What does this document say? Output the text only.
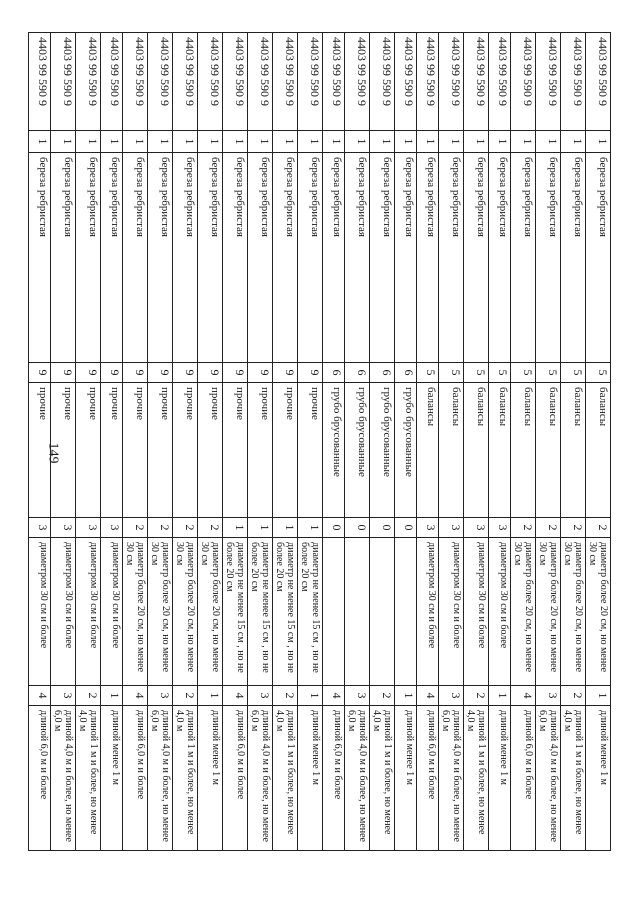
149
4403 99 590 9	1	береза ребристая	5	балансы	2	диаметр более 20 см, но менее 30 см	1	длиной менее 1 м
4403 99 590 9	1	береза ребристая	5	балансы	2	диаметр более 20 см, но менее 30 см	2	длиной 1 м и более, но менее 4,0 м
4403 99 590 9	1	береза ребристая	5	балансы	2	диаметр более 20 см, но менее 30 см	3	длиной 4,0 м и более, но менее 6,0 м
4403 99 590 9	1	береза ребристая	5	балансы	2	диаметр более 20 см, но менее 30 см	4	длиной 6,0 м и более
4403 99 590 9	1	береза ребристая	5	балансы	3	диаметром 30 см и более	1	длиной менее 1 м
4403 99 590 9	1	береза ребристая	5	балансы	3	диаметром 30 см и более	2	длиной 1 м и более, но менее 4,0 м
4403 99 590 9	1	береза ребристая	5	балансы	3	диаметром 30 см и более	3	длиной 4,0 м и более, но менее 6,0 м
4403 99 590 9	1	береза ребристая	5	балансы	3	диаметром 30 см и более	4	длиной 6,0 м и более
4403 99 590 9	1	береза ребристая	6	грубо брусованные	0		1	длиной менее 1 м
4403 99 590 9	1	береза ребристая	6	грубо брусованные	0		2	длиной 1 м и более, но менее 4,0 м
4403 99 590 9	1	береза ребристая	6	грубо брусованные	0		3	длиной 4,0 м и более, но менее 6,0 м
4403 99 590 9	1	береза ребристая	6	грубо брусованные	0		4	длиной 6,0 м и более
4403 99 590 9	1	береза ребристая	9	прочие	1	диаметр не менее 15 см , но не более 20 см	1	длиной менее 1 м
4403 99 590 9	1	береза ребристая	9	прочие	1	диаметр не менее 15 см , но не более 20 см	2	длиной 1 м и более, но менее 4,0 м
4403 99 590 9	1	береза ребристая	9	прочие	1	диаметр не менее 15 см , но не более 20 см	3	длиной 4,0 м и более, но менее 6,0 м
4403 99 590 9	1	береза ребристая	9	прочие	1	диаметр не менее 15 см , но не более 20 см	4	длиной 6,0 м и более
4403 99 590 9	1	береза ребристая	9	прочие	2	диаметр более 20 см, но менее 30 см	1	длиной менее 1 м
4403 99 590 9	1	береза ребристая	9	прочие	2	диаметр более 20 см, но менее 30 см	2	длиной 1 м и более, но менее 4,0 м
4403 99 590 9	1	береза ребристая	9	прочие	2	диаметр более 20 см, но менее 30 см	3	длиной 4,0 м и более, но менее 6,0 м
4403 99 590 9	1	береза ребристая	9	прочие	2	диаметр более 20 см, но менее 30 см	4	длиной 6,0 м и более
4403 99 590 9	1	береза ребристая	9	прочие	3	диаметром 30 см и более	1	длиной менее 1 м
4403 99 590 9	1	береза ребристая	9	прочие	3	диаметром 30 см и более	2	длиной 1 м и более, но менее 4,0 м
4403 99 590 9	1	береза ребристая	9	прочие	3	диаметром 30 см и более	3	длиной 4,0 м и более, но менее 6,0 м
4403 99 590 9	1	береза ребристая	9	прочие	3	диаметром 30 см и более	4	длиной 6,0 м и более
